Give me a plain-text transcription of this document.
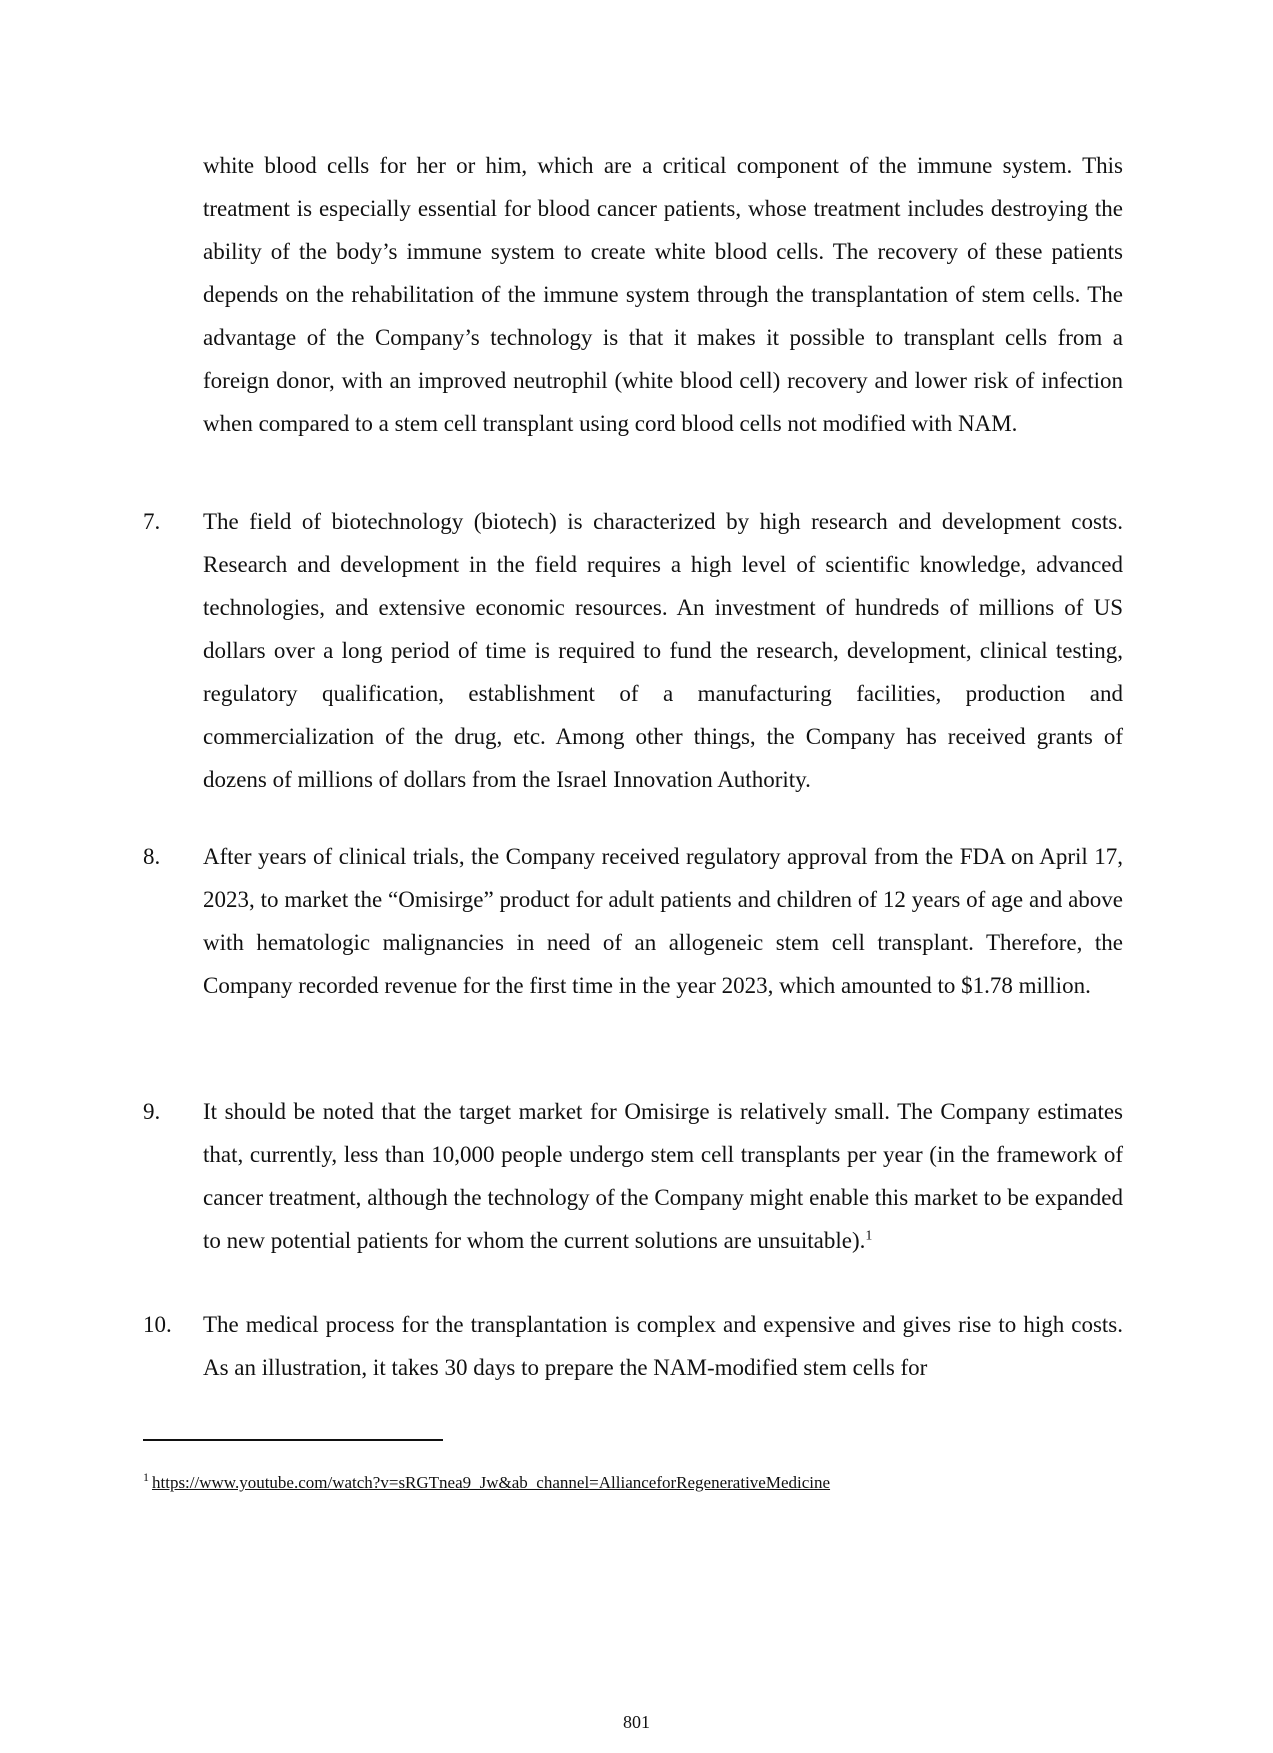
white blood cells for her or him, which are a critical component of the immune system. This treatment is especially essential for blood cancer patients, whose treatment includes destroying the ability of the body’s immune system to create white blood cells. The recovery of these patients depends on the rehabilitation of the immune system through the transplantation of stem cells. The advantage of the Company’s technology is that it makes it possible to transplant cells from a foreign donor, with an improved neutrophil (white blood cell) recovery and lower risk of infection when compared to a stem cell transplant using cord blood cells not modified with NAM.

7. The field of biotechnology (biotech) is characterized by high research and development costs. Research and development in the field requires a high level of scientific knowledge, advanced technologies, and extensive economic resources. An investment of hundreds of millions of US dollars over a long period of time is required to fund the research, development, clinical testing, regulatory qualification, establishment of a manufacturing facilities, production and commercialization of the drug, etc. Among other things, the Company has received grants of dozens of millions of dollars from the Israel Innovation Authority.

8. After years of clinical trials, the Company received regulatory approval from the FDA on April 17, 2023, to market the “Omisirge” product for adult patients and children of 12 years of age and above with hematologic malignancies in need of an allogeneic stem cell transplant. Therefore, the Company recorded revenue for the first time in the year 2023, which amounted to $1.78 million.

9. It should be noted that the target market for Omisirge is relatively small. The Company estimates that, currently, less than 10,000 people undergo stem cell transplants per year (in the framework of cancer treatment, although the technology of the Company might enable this market to be expanded to new potential patients for whom the current solutions are unsuitable).$^1$

10. The medical process for the transplantation is complex and expensive and gives rise to high costs. As an illustration, it takes 30 days to prepare the NAM-modified stem cells for

$^1$ https://www.youtube.com/watch?v=sRGTnea9_Jw&ab_channel=AllianceforRegenerativeMedicine
801
